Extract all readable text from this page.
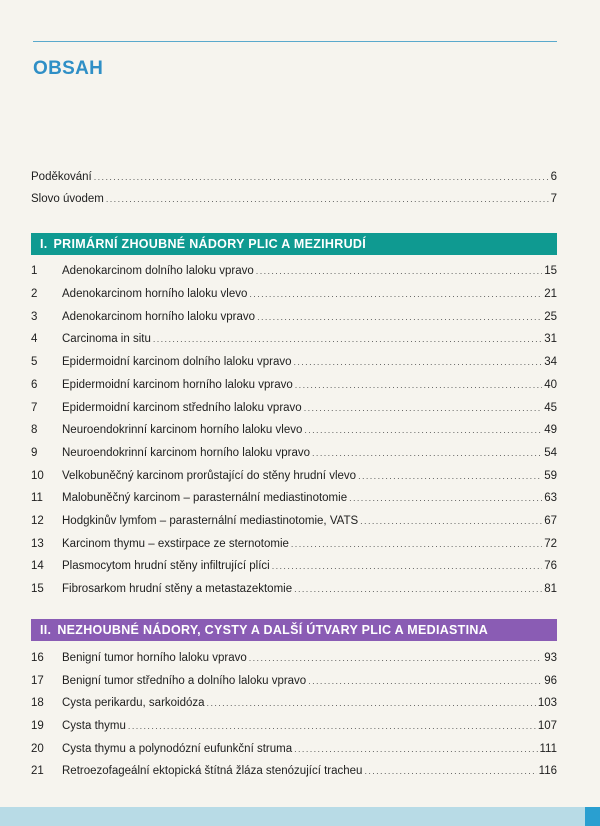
OBSAH
Poděkování .....	6
Slovo úvodem .....	7
I. PRIMÁRNÍ ZHOUBNÉ NÁDORY PLIC A MEZIHRUDÍ
1	Adenokarcinom dolního laloku vpravo .....	15
2	Adenokarcinom horního laloku vlevo .....	21
3	Adenokarcinom horního laloku vpravo .....	25
4	Carcinoma in situ .....	31
5	Epidermoidní karcinom dolního laloku vpravo .....	34
6	Epidermoidní karcinom horního laloku vpravo .....	40
7	Epidermoidní karcinom středního laloku vpravo .....	45
8	Neuroendokrinní karcinom horního laloku vlevo .....	49
9	Neuroendokrinní karcinom horního laloku vpravo .....	54
10	Velkobuněčný karcinom prorůstající do stěny hrudní vlevo .....	59
11	Malobuněčný karcinom – parasternální mediastinotomie .....	63
12	Hodgkinův lymfom – parasternální mediastinotomie, VATS .....	67
13	Karcinom thymu – exstirpace ze sternotomie .....	72
14	Plasmocytom hrudní stěny infiltrující plíci .....	76
15	Fibrosarkom hrudní stěny a metastazektomie .....	81
II. NEZHOUBNÉ NÁDORY, CYSTY A DALŠÍ ÚTVARY PLIC A MEDIASTINA
16	Benigní tumor horního laloku vpravo .....	93
17	Benigní tumor středního a dolního laloku vpravo .....	96
18	Cysta perikardu, sarkoidóza .....	103
19	Cysta thymu .....	107
20	Cysta thymu a polynodózní eufunkční struma .....	111
21	Retroezofageální ektopická štítná žláza stenózující tracheu .....	116
